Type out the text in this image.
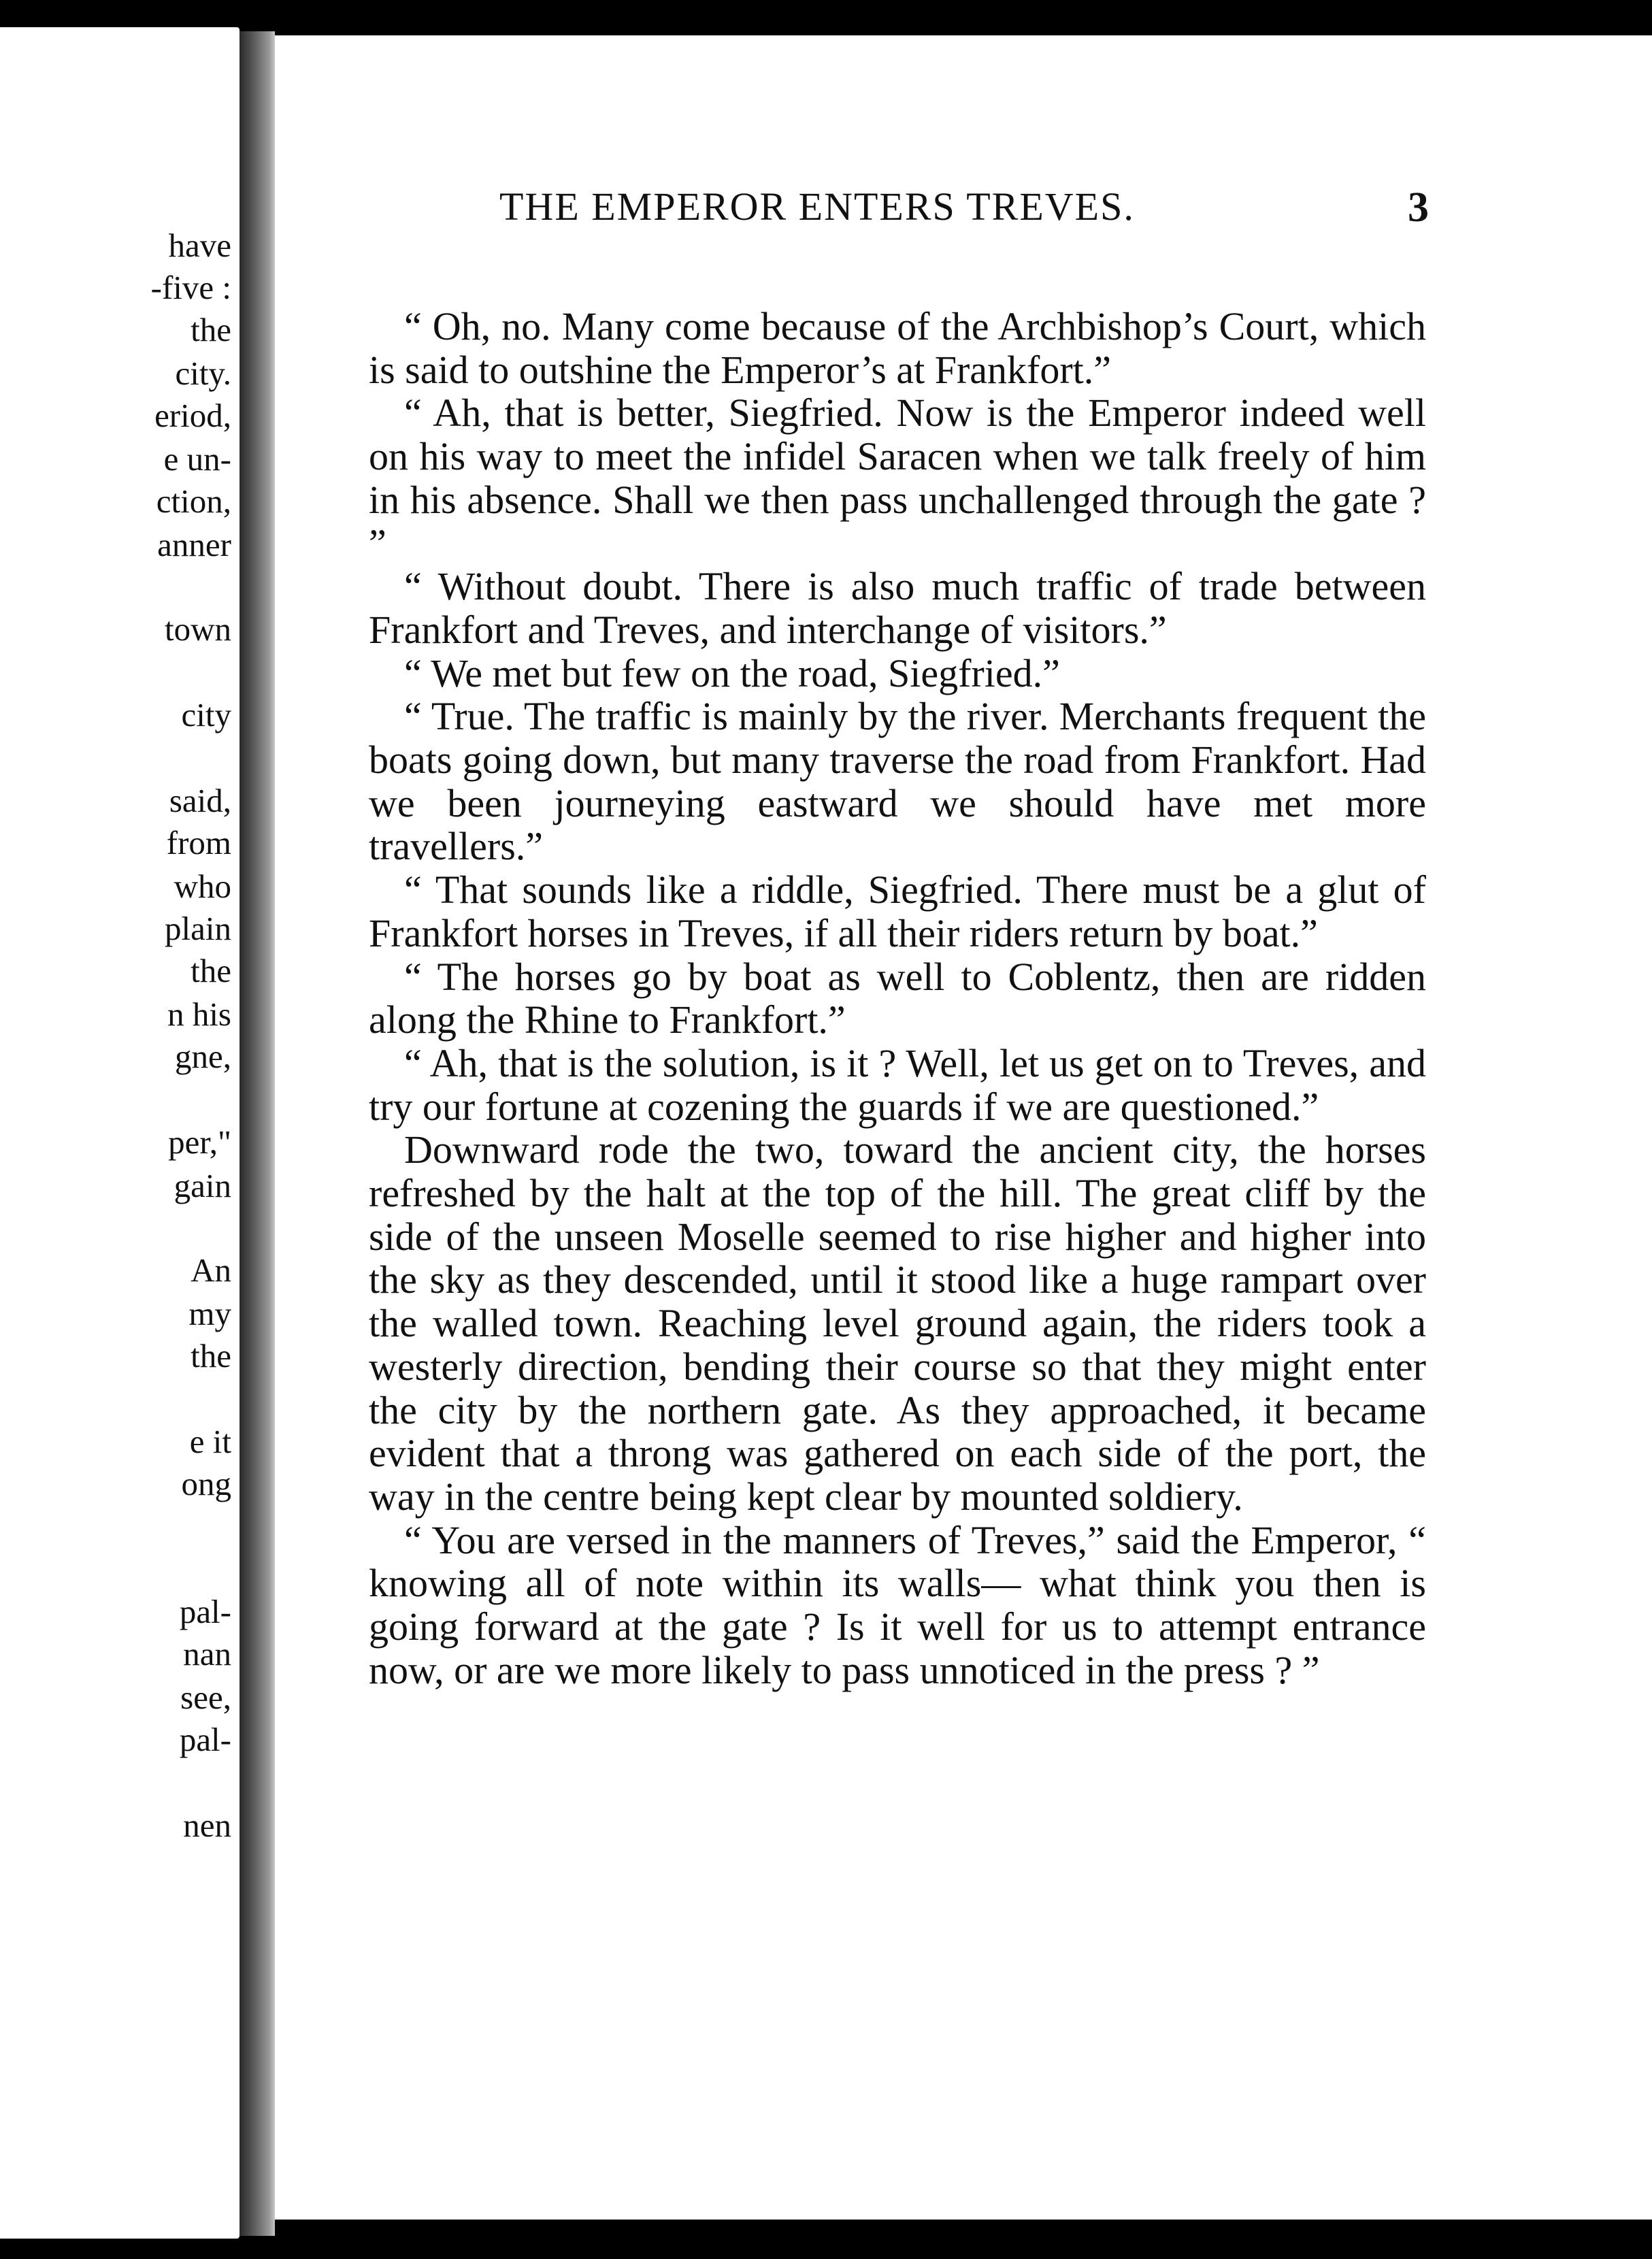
have
-five :
the
city.
eriod,
e un-
ction,
anner
town
city
said,
from
who
plain
the
n his
gne,
per,"
gain
An
my
the
e it
ong
pal-
nan
see,
pal-
nen
THE EMPEROR ENTERS TREVES.	3

“ Oh, no. Many come because of the Archbishop’s Court, which is said to outshine the Emperor’s at Frankfort.”

“ Ah, that is better, Siegfried. Now is the Emperor indeed well on his way to meet the infidel Saracen when we talk freely of him in his absence. Shall we then pass unchallenged through the gate ? ”

“ Without doubt. There is also much traffic of trade between Frankfort and Treves, and interchange of visitors.”

“ We met but few on the road, Siegfried.”

“ True. The traffic is mainly by the river. Merchants frequent the boats going down, but many traverse the road from Frankfort. Had we been journeying eastward we should have met more travellers.”

“ That sounds like a riddle, Siegfried. There must be a glut of Frankfort horses in Treves, if all their riders return by boat.”

“ The horses go by boat as well to Coblentz, then are ridden along the Rhine to Frankfort.”

“ Ah, that is the solution, is it ? Well, let us get on to Treves, and try our fortune at cozening the guards if we are questioned.”

Downward rode the two, toward the ancient city, the horses refreshed by the halt at the top of the hill. The great cliff by the side of the unseen Moselle seemed to rise higher and higher into the sky as they descended, until it stood like a huge rampart over the walled town. Reaching level ground again, the riders took a westerly direction, bending their course so that they might enter the city by the northern gate. As they approached, it became evident that a throng was gathered on each side of the port, the way in the centre being kept clear by mounted soldiery.

“ You are versed in the manners of Treves,” said the Emperor, “ knowing all of note within its walls— what think you then is going forward at the gate ? Is it well for us to attempt entrance now, or are we more likely to pass unnoticed in the press ? ”
